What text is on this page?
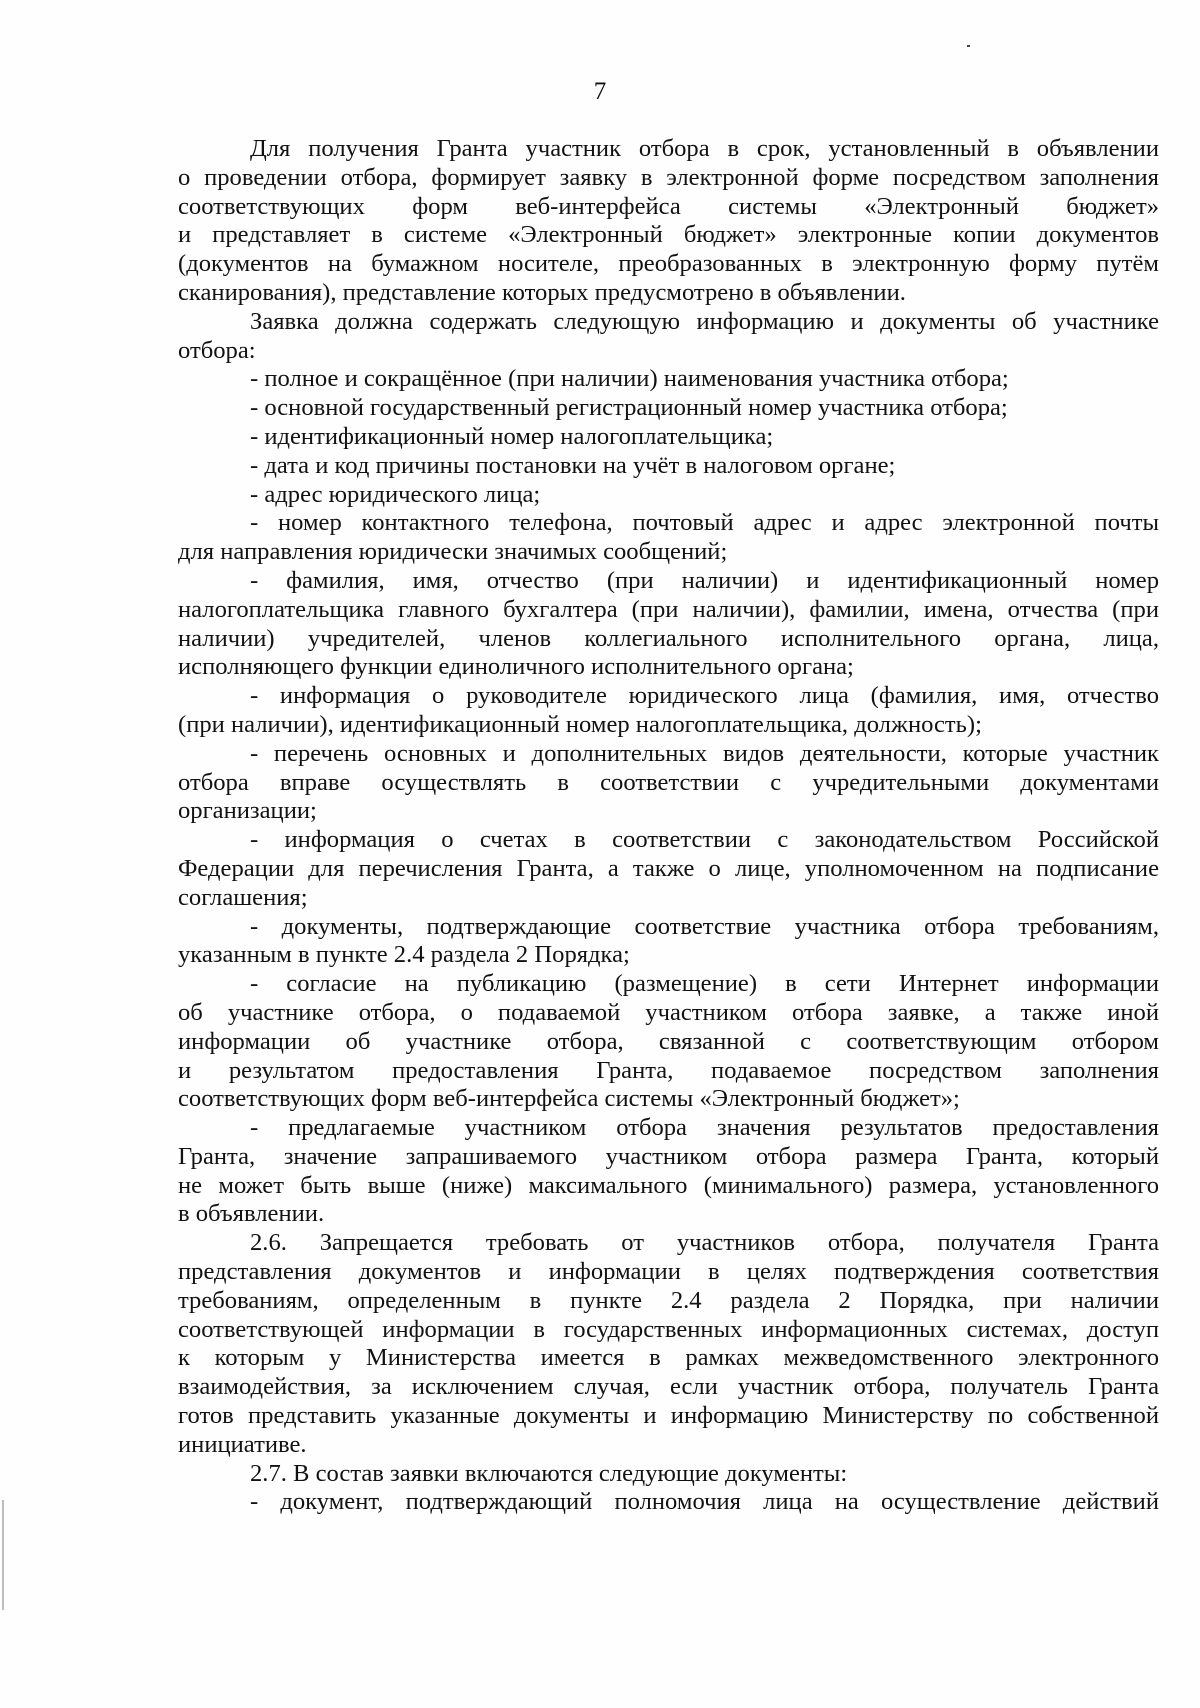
7
Для получения Гранта участник отбора в срок, установленный в объявлении
о проведении отбора, формирует заявку в электронной форме посредством заполнения
соответствующих форм веб-интерфейса системы «Электронный бюджет»
и представляет в системе «Электронный бюджет» электронные копии документов
(документов на бумажном носителе, преобразованных в электронную форму путём
сканирования), представление которых предусмотрено в объявлении.
Заявка должна содержать следующую информацию и документы об участнике
отбора:
- полное и сокращённое (при наличии) наименования участника отбора;
- основной государственный регистрационный номер участника отбора;
- идентификационный номер налогоплательщика;
- дата и код причины постановки на учёт в налоговом органе;
- адрес юридического лица;
- номер контактного телефона, почтовый адрес и адрес электронной почты
для направления юридически значимых сообщений;
- фамилия, имя, отчество (при наличии) и идентификационный номер
налогоплательщика главного бухгалтера (при наличии), фамилии, имена, отчества (при
наличии) учредителей, членов коллегиального исполнительного органа, лица,
исполняющего функции единоличного исполнительного органа;
- информация о руководителе юридического лица (фамилия, имя, отчество
(при наличии), идентификационный номер налогоплательщика, должность);
- перечень основных и дополнительных видов деятельности, которые участник
отбора вправе осуществлять в соответствии с учредительными документами
организации;
- информация о счетах в соответствии с законодательством Российской
Федерации для перечисления Гранта, а также о лице, уполномоченном на подписание
соглашения;
- документы, подтверждающие соответствие участника отбора требованиям,
указанным в пункте 2.4 раздела 2 Порядка;
- согласие на публикацию (размещение) в сети Интернет информации
об участнике отбора, о подаваемой участником отбора заявке, а также иной
информации об участнике отбора, связанной с соответствующим отбором
и результатом предоставления Гранта, подаваемое посредством заполнения
соответствующих форм веб-интерфейса системы «Электронный бюджет»;
- предлагаемые участником отбора значения результатов предоставления
Гранта, значение запрашиваемого участником отбора размера Гранта, который
не может быть выше (ниже) максимального (минимального) размера, установленного
в объявлении.
2.6. Запрещается требовать от участников отбора, получателя Гранта
представления документов и информации в целях подтверждения соответствия
требованиям, определенным в пункте 2.4 раздела 2 Порядка, при наличии
соответствующей информации в государственных информационных системах, доступ
к которым у Министерства имеется в рамках межведомственного электронного
взаимодействия, за исключением случая, если участник отбора, получатель Гранта
готов представить указанные документы и информацию Министерству по собственной
инициативе.
2.7. В состав заявки включаются следующие документы:
- документ, подтверждающий полномочия лица на осуществление действий
